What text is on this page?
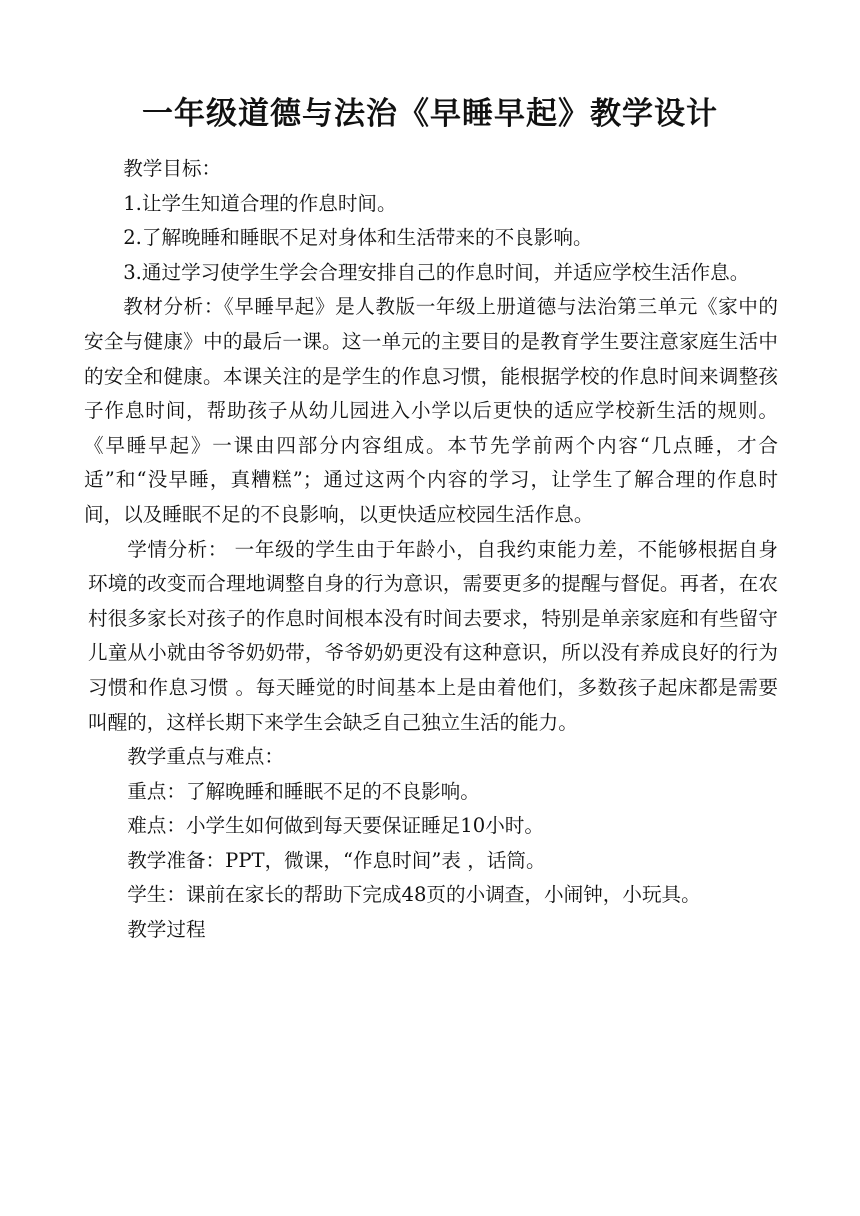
一年级道德与法治《早睡早起》教学设计

教学目标：

1.让学生知道合理的作息时间。

2.了解晚睡和睡眠不足对身体和生活带来的不良影响。

3.通过学习使学生学会合理安排自己的作息时间，并适应学校生活作息。

教材分析：《早睡早起》是人教版一年级上册道德与法治第三单元《家中的安全与健康》中的最后一课。这一单元的主要目的是教育学生要注意家庭生活中的安全和健康。本课关注的是学生的作息习惯，能根据学校的作息时间来调整孩子作息时间，帮助孩子从幼儿园进入小学以后更快的适应学校新生活的规则。《早睡早起》一课由四部分内容组成。本节先学前两个内容“几点睡，才合适”和“没早睡，真糟糕”；通过这两个内容的学习，让学生了解合理的作息时间，以及睡眠不足的不良影响，以更快适应校园生活作息。

学情分析： 一年级的学生由于年龄小，自我约束能力差，不能够根据自身环境的改变而合理地调整自身的行为意识，需要更多的提醒与督促。再者，在农村很多家长对孩子的作息时间根本没有时间去要求，特别是单亲家庭和有些留守儿童从小就由爷爷奶奶带，爷爷奶奶更没有这种意识，所以没有养成良好的行为习惯和作息习惯 。每天睡觉的时间基本上是由着他们，多数孩子起床都是需要叫醒的，这样长期下来学生会缺乏自己独立生活的能力。

教学重点与难点：

重点：了解晚睡和睡眠不足的不良影响。

难点：小学生如何做到每天要保证睡足10小时。

教学准备：PPT，微课，“作息时间”表 ，话筒。

学生：课前在家长的帮助下完成48页的小调查，小闹钟，小玩具。

教学过程
